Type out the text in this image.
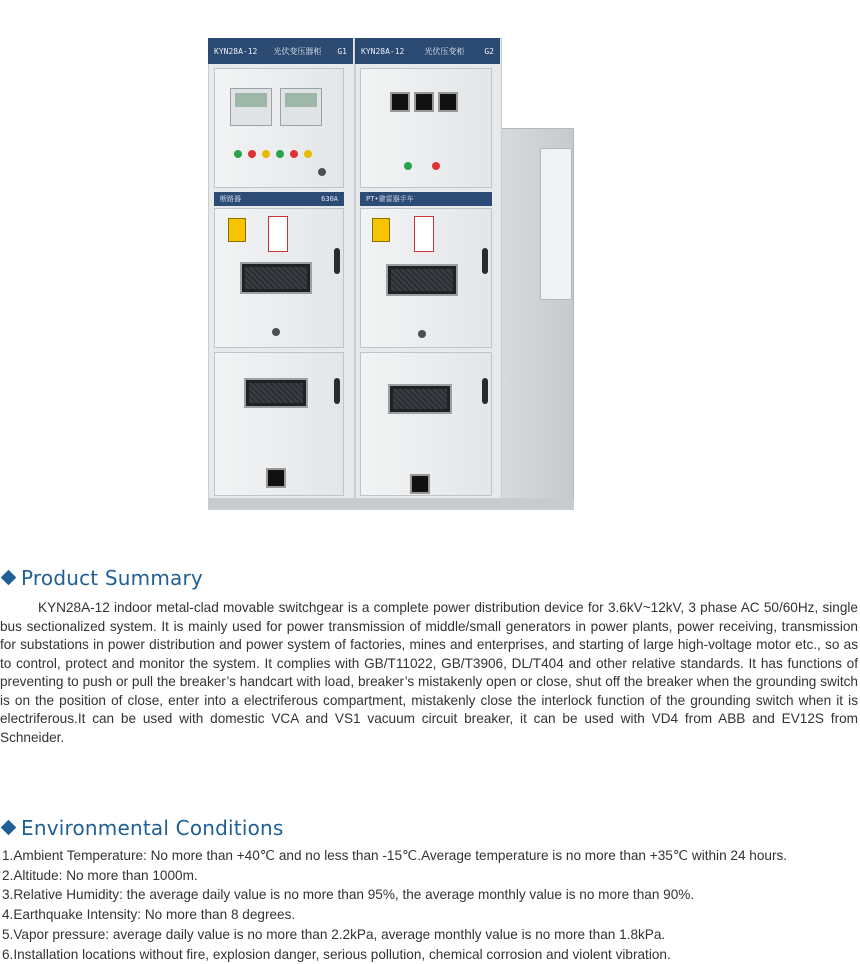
KYN28A-12 光伏变压器柜 G1
断路器	630A
KYN28A-12	光伏压变柜	G2
PT•避雷器手车
Product Summary

KYN28A-12 indoor metal-clad movable switchgear is a complete power distribution device for 3.6kV~12kV, 3 phase AC 50/60Hz, single bus sectionalized system. It is mainly used for power transmission of middle/small generators in power plants, power receiving, transmission for substations in power distribution and power system of factories, mines and enterprises, and starting of large high-voltage motor etc., so as to control, protect and monitor the system. It complies with GB/T11022, GB/T3906, DL/T404 and other relative standards. It has functions of preventing to push or pull the breaker’s handcart with load, breaker’s mistakenly open or close, shut off the breaker when the grounding switch is on the position of close, enter into a electriferous compartment, mistakenly close the interlock function of the grounding switch when it is electriferous.It can be used with domestic VCA and VS1 vacuum circuit breaker, it can be used with VD4 from ABB and EV12S from Schneider.

Environmental Conditions
1.Ambient Temperature: No more than +40℃ and no less than -15℃.Average temperature is no more than +35℃ within 24 hours.
2.Altitude: No more than 1000m.
3.Relative Humidity: the average daily value is no more than 95%, the average monthly value is no more than 90%.
4.Earthquake Intensity: No more than 8 degrees.
5.Vapor pressure: average daily value is no more than 2.2kPa, average monthly value is no more than 1.8kPa.
6.Installation locations without fire, explosion danger, serious pollution, chemical corrosion and violent vibration.
